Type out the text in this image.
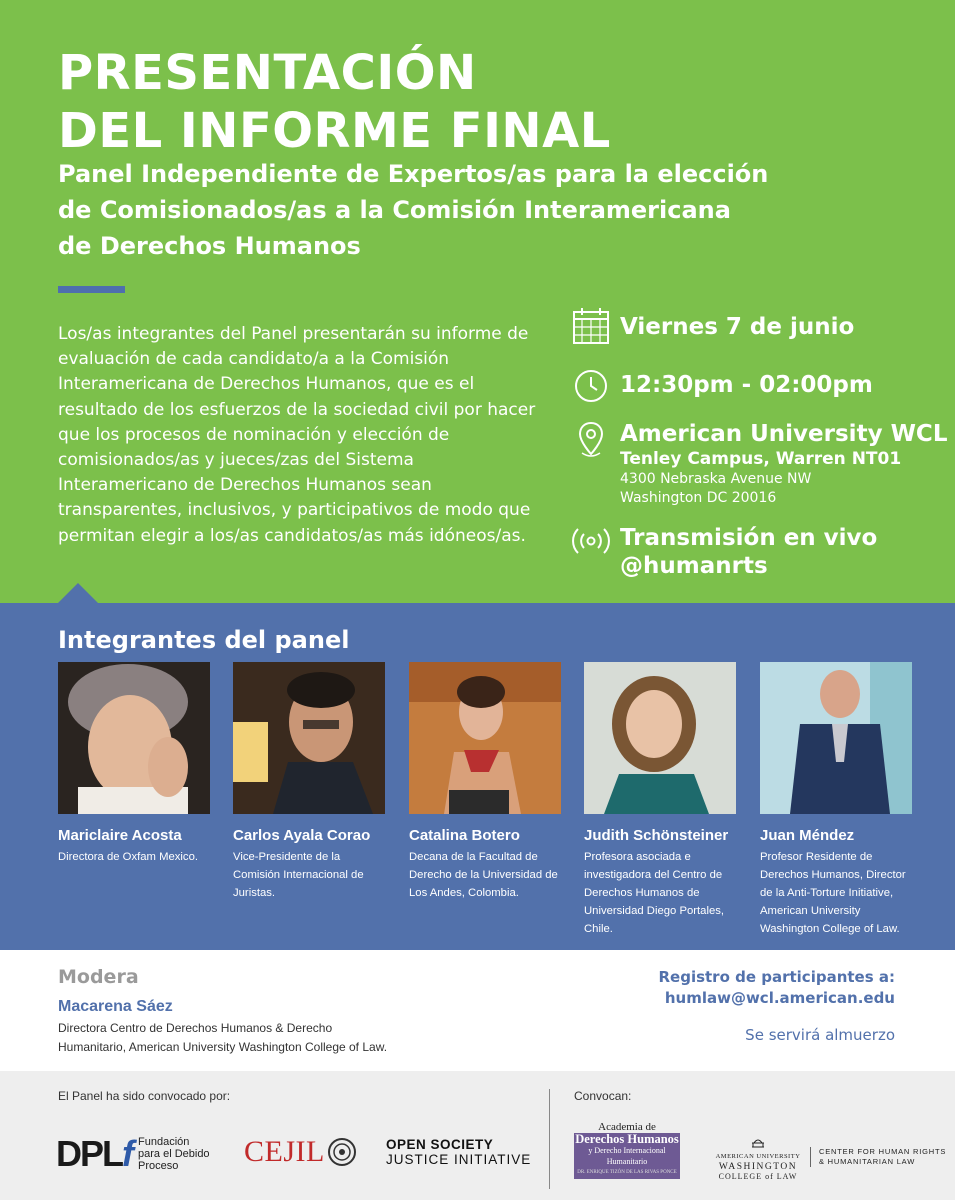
PRESENTACIÓN
DEL INFORME FINAL
Panel Independiente de Expertos/as para la elección
de Comisionados/as a la Comisión Interamericana
de Derechos Humanos
Los/as integrantes del Panel presentarán su informe de evaluación de cada candidato/a a la Comisión Interamericana de Derechos Humanos, que es el resultado de los esfuerzos de la sociedad civil por hacer que los procesos de nominación y elección de comisionados/as y jueces/zas del Sistema Interamericano de Derechos Humanos sean transparentes, inclusivos, y participativos de modo que permitan elegir a los/as candidatos/as más idóneos/as.
Viernes 7 de junio
12:30pm - 02:00pm
American University WCL
Tenley Campus, Warren NT01
4300 Nebraska Avenue NW
Washington DC 20016
Transmisión en vivo
@humanrts
Integrantes del panel
Mariclaire Acosta
Directora de Oxfam Mexico.
Carlos Ayala Corao
Vice-Presidente de la Comisión Internacional de Juristas.
Catalina Botero
Decana de la Facultad de Derecho de la Universidad de Los Andes, Colombia.
Judith Schönsteiner
Profesora asociada e investigadora del Centro de Derechos Humanos de Universidad Diego Portales, Chile.
Juan Méndez
Profesor Residente de Derechos Humanos, Director de la Anti-Torture Initiative, American University Washington College of Law.
Modera
Macarena Sáez
Directora Centro de Derechos Humanos & Derecho Humanitario, American University Washington College of Law.
Registro de participantes a:
humlaw@wcl.american.edu
Se servirá almuerzo
El Panel ha sido convocado por:	Convocan:
DPLf Fundación
para el Debido
Proceso	CEJIL	OPEN SOCIETY
JUSTICE INITIATIVE
Academia de
Derechos Humanos
y Derecho Internacional Humanitario
DR. ENRIQUE TIZÓN DE LAS RIVAS PONCE
AMERICAN UNIVERSITY
WASHINGTON
COLLEGE of LAW
CENTER FOR HUMAN RIGHTS
& HUMANITARIAN LAW
